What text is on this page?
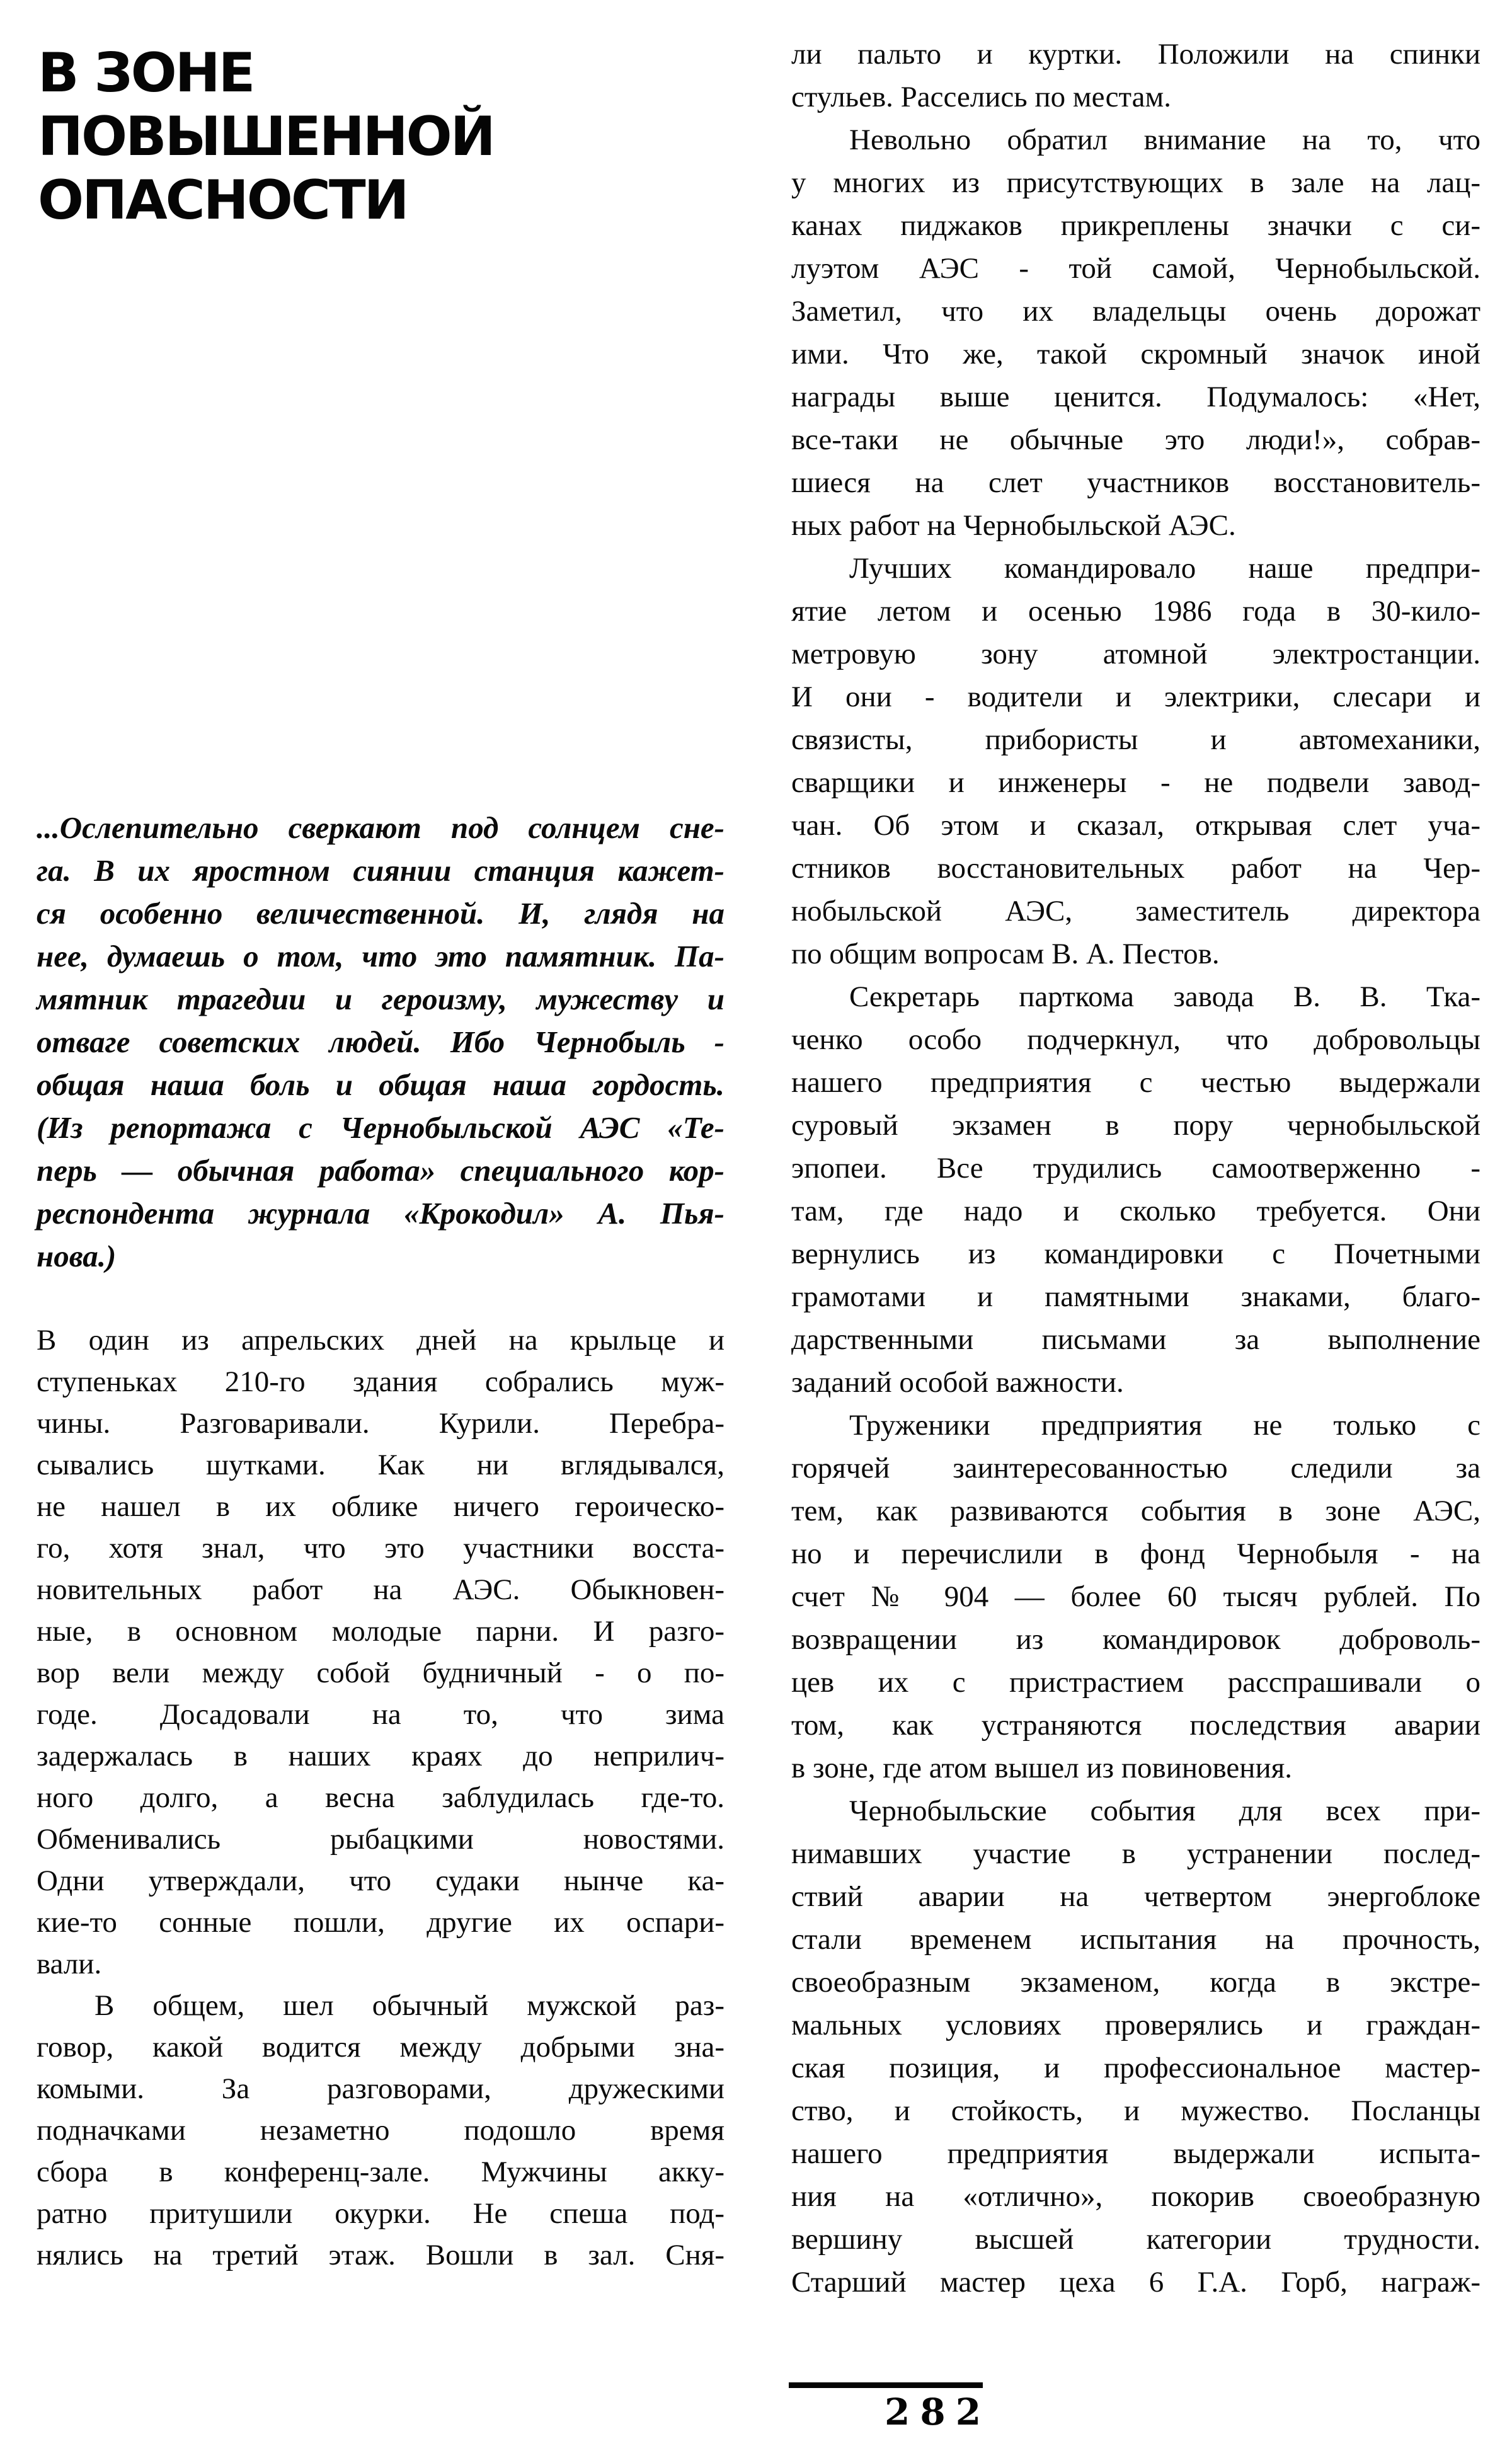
В ЗОНЕ
ПОВЫШЕННОЙ
ОПАСНОСТИ
...Ослепительно сверкают под солнцем сне-
га. В их яростном сиянии станция кажет-
ся особенно величественной. И, глядя на
нее, думаешь о том, что это памятник. Па-
мятник трагедии и героизму, мужеству и
отваге советских людей. Ибо Чернобыль -
общая наша боль и общая наша гордость.
(Из репортажа с Чернобыльской АЭС «Те-
перь — обычная работа» специального кор-
респондента журнала «Крокодил» А. Пья-
нова.)
В один из апрельских дней на крыльце и
ступеньках 210-го здания собрались муж-
чины. Разговаривали. Курили. Перебра-
сывались шутками. Как ни вглядывался,
не нашел в их облике ничего героическо-
го, хотя знал, что это участники восста-
новительных работ на АЭС. Обыкновен-
ные, в основном молодые парни. И разго-
вор вели между собой будничный - о по-
годе. Досадовали на то, что зима
задержалась в наших краях до неприлич-
ного долго, а весна заблудилась где-то.
Обменивались рыбацкими новостями.
Одни утверждали, что судаки нынче ка-
кие-то сонные пошли, другие их оспари-
вали.
В общем, шел обычный мужской раз-
говор, какой водится между добрыми зна-
комыми. За разговорами, дружескими
подначками незаметно подошло время
сбора в конференц-зале. Мужчины акку-
ратно притушили окурки. Не спеша под-
нялись на третий этаж. Вошли в зал. Сня-
ли пальто и куртки. Положили на спинки
стульев. Расселись по местам.
Невольно обратил внимание на то, что
у многих из присутствующих в зале на лац-
канах пиджаков прикреплены значки с си-
луэтом АЭС - той самой, Чернобыльской.
Заметил, что их владельцы очень дорожат
ими. Что же, такой скромный значок иной
награды выше ценится. Подумалось: «Нет,
все-таки не обычные это люди!», собрав-
шиеся на слет участников восстановитель-
ных работ на Чернобыльской АЭС.
Лучших командировало наше предпри-
ятие летом и осенью 1986 года в 30-кило-
метровую зону атомной электростанции.
И они - водители и электрики, слесари и
связисты, прибористы и автомеханики,
сварщики и инженеры - не подвели завод-
чан. Об этом и сказал, открывая слет уча-
стников восстановительных работ на Чер-
нобыльской АЭС, заместитель директора
по общим вопросам В. А. Пестов.
Секретарь парткома завода В. В. Тка-
ченко особо подчеркнул, что добровольцы
нашего предприятия с честью выдержали
суровый экзамен в пору чернобыльской
эпопеи. Все трудились самоотверженно -
там, где надо и сколько требуется. Они
вернулись из командировки с Почетными
грамотами и памятными знаками, благо-
дарственными письмами за выполнение
заданий особой важности.
Труженики предприятия не только с
горячей заинтересованностью следили за
тем, как развиваются события в зоне АЭС,
но и перечислили в фонд Чернобыля - на
счет № 904 — более 60 тысяч рублей. По
возвращении из командировок доброволь-
цев их с пристрастием расспрашивали о
том, как устраняются последствия аварии
в зоне, где атом вышел из повиновения.
Чернобыльские события для всех при-
нимавших участие в устранении послед-
ствий аварии на четвертом энергоблоке
стали временем испытания на прочность,
своеобразным экзаменом, когда в экстре-
мальных условиях проверялись и граждан-
ская позиция, и профессиональное мастер-
ство, и стойкость, и мужество. Посланцы
нашего предприятия выдержали испыта-
ния на «отлично», покорив своеобразную
вершину высшей категории трудности.
Старший мастер цеха 6 Г.А. Горб, награж-
282
